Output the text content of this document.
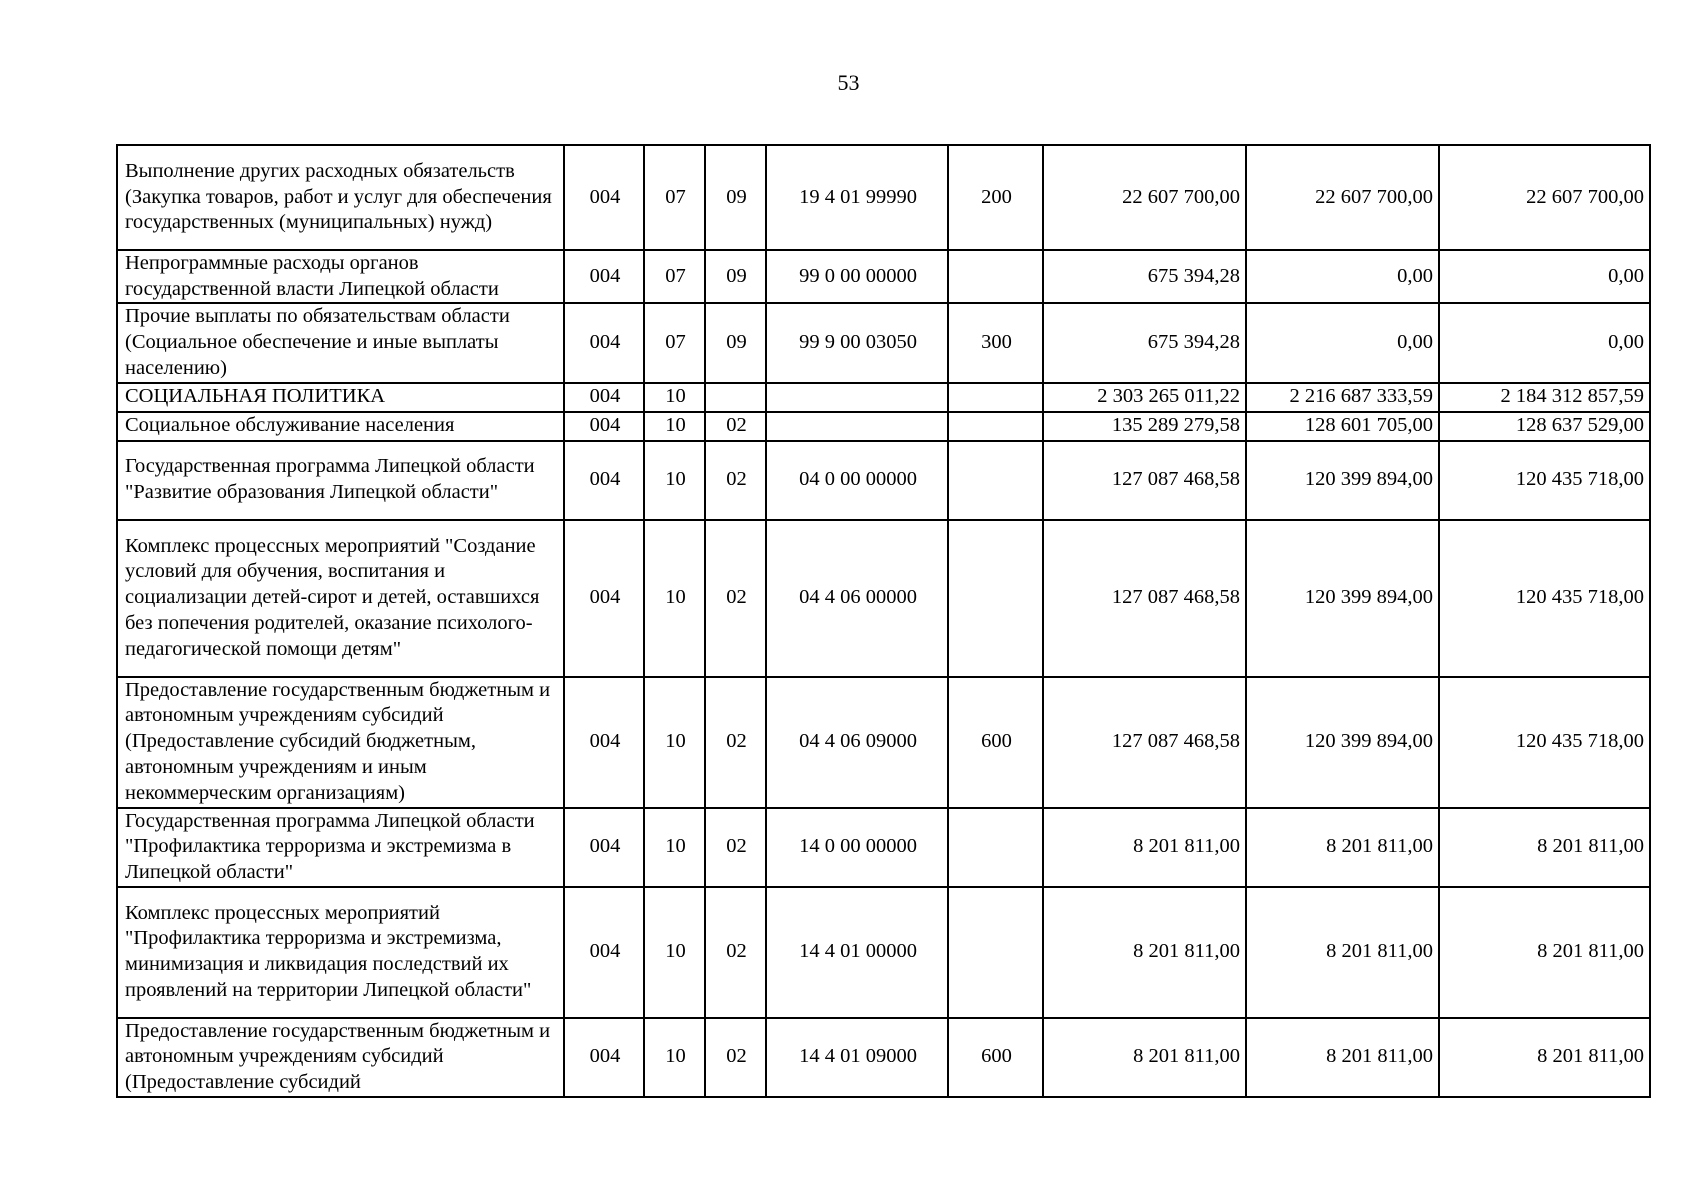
53
Выполнение других расходных обязательств (Закупка товаров, работ и услуг для обеспечения государственных (муниципальных) нужд)	004	07	09	19 4 01 99990	200	22 607 700,00	22 607 700,00	22 607 700,00

Непрограммные расходы органов государственной власти Липецкой области	004	07	09	99 0 00 00000		675 394,28	0,00	0,00

Прочие выплаты по обязательствам области (Социальное обеспечение и иные выплаты населению)	004	07	09	99 9 00 03050	300	675 394,28	0,00	0,00

СОЦИАЛЬНАЯ ПОЛИТИКА	004	10				2 303 265 011,22	2 216 687 333,59	2 184 312 857,59

Социальное обслуживание населения	004	10	02			135 289 279,58	128 601 705,00	128 637 529,00

Государственная программа Липецкой области "Развитие образования Липецкой области"	004	10	02	04 0 00 00000		127 087 468,58	120 399 894,00	120 435 718,00

Комплекс процессных мероприятий "Создание условий для обучения, воспитания и социализации детей-сирот и детей, оставшихся без попечения родителей, оказание психолого-педагогической помощи детям"	004	10	02	04 4 06 00000		127 087 468,58	120 399 894,00	120 435 718,00

Предоставление государственным бюджетным и автономным учреждениям субсидий (Предоставление субсидий бюджетным, автономным учреждениям и иным некоммерческим организациям)	004	10	02	04 4 06 09000	600	127 087 468,58	120 399 894,00	120 435 718,00

Государственная программа Липецкой области "Профилактика терроризма и экстремизма в Липецкой области"	004	10	02	14 0 00 00000		8 201 811,00	8 201 811,00	8 201 811,00

Комплекс процессных мероприятий "Профилактика терроризма и экстремизма, минимизация и ликвидация последствий их проявлений на территории Липецкой области"	004	10	02	14 4 01 00000		8 201 811,00	8 201 811,00	8 201 811,00

Предоставление государственным бюджетным и автономным учреждениям субсидий (Предоставление субсидий	004	10	02	14 4 01 09000	600	8 201 811,00	8 201 811,00	8 201 811,00
